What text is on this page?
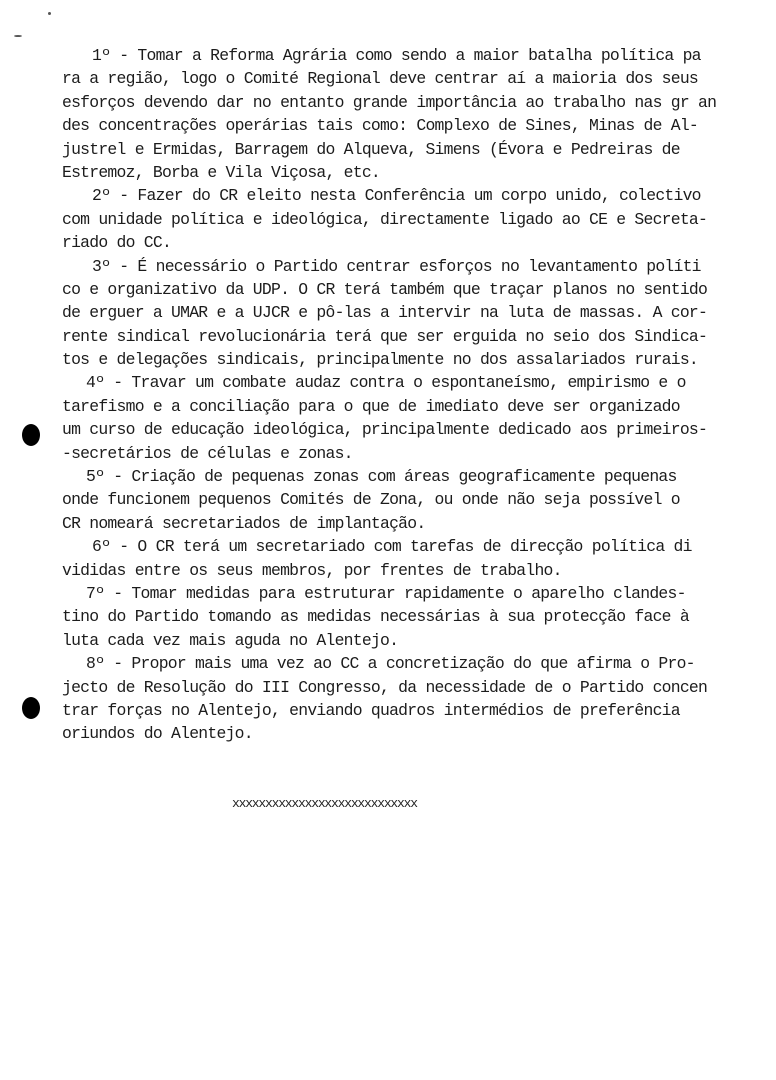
1º - Tomar a Reforma Agrária como sendo a maior batalha política pa
ra a região, logo o Comité Regional deve centrar aí a maioria dos seus
esforços devendo dar no entanto grande importância ao trabalho nas gr an
des concentrações operárias tais como: Complexo de Sines, Minas de Al-
justrel e Ermidas, Barragem do Alqueva, Simens (Évora e Pedreiras de
Estremoz, Borba e Vila Viçosa, etc.
2º - Fazer do CR eleito nesta Conferência um corpo unido, colectivo
com unidade política e ideológica, directamente ligado ao CE e Secreta-
riado do CC.
3º - É necessário o Partido centrar esforços no levantamento políti
co e organizativo da UDP. O CR terá também que traçar planos no sentido
de erguer a UMAR e a UJCR e pô-las a intervir na luta de massas. A cor-
rente sindical revolucionária terá que ser erguida no seio dos Sindica-
tos e delegações sindicais, principalmente no dos assalariados rurais.
4º - Travar um combate audaz contra o espontaneísmo, empirismo e o
tarefismo e a conciliação para o que de imediato deve ser organizado
um curso de educação ideológica, principalmente dedicado aos primeiros-
-secretários de células e zonas.
5º - Criação de pequenas zonas com áreas geograficamente pequenas
onde funcionem pequenos Comités de Zona, ou onde não seja possível o
CR nomeará secretariados de implantação.
6º - O CR terá um secretariado com tarefas de direcção política di
vididas entre os seus membros, por frentes de trabalho.
7º - Tomar medidas para estruturar rapidamente o aparelho clandes-
tino do Partido tomando as medidas necessárias à sua protecção face à
luta cada vez mais aguda no Alentejo.
8º - Propor mais uma vez ao CC a concretização do que afirma o Pro-
jecto de Resolução do III Congresso, da necessidade de o Partido concen
trar forças no Alentejo, enviando quadros intermédios de preferência
oriundos do Alentejo.
xxxxxxxxxxxxxxxxxxxxxxxxxxxx
